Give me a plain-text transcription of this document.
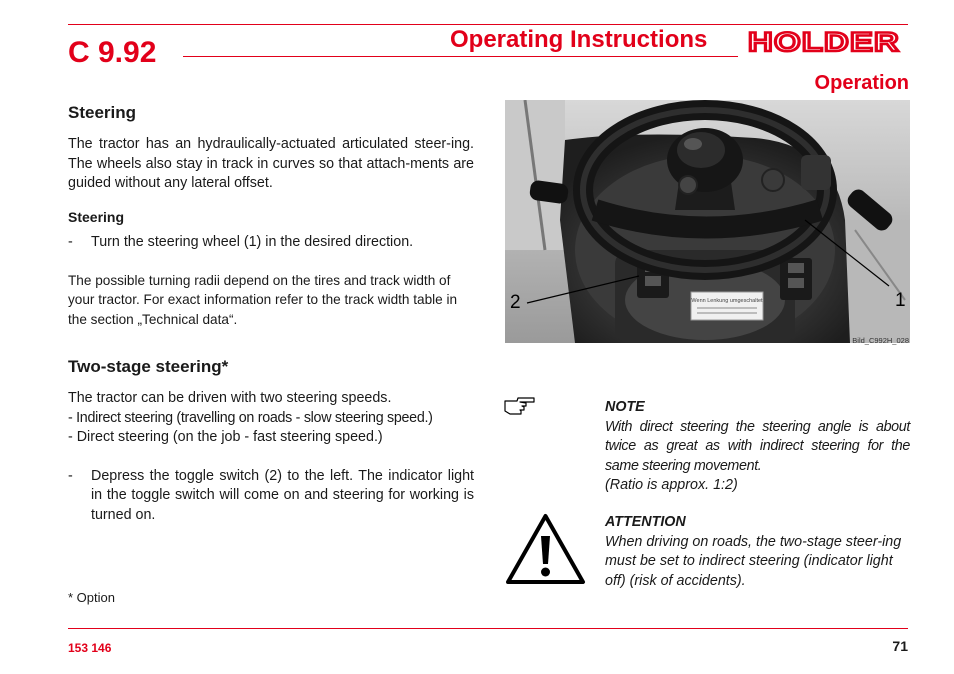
C 9.92	Operating Instructions HOLDER
Operation
Steering
The tractor has an hydraulically-actuated articulated steer-ing. The wheels also stay in track in curves so that attach-ments are guided without any lateral offset.
Steering
- Turn the steering wheel (1) in the desired direction.
The possible turning radii depend on the tires and track width of your tractor. For exact information refer to the track width table in the section „Technical data“.
Two-stage steering*
The tractor can be driven with two steering speeds.
- Indirect steering (travelling on roads - slow steering speed.)
- Direct steering (on the job - fast steering speed.)
- Depress the toggle switch (2) to the left. The indicator light in the toggle switch will come on and steering for working is turned on.
* Option
Wenn Lenkung umgeschaltet
2	1
Bild_C992H_028
NOTE
With direct steering the steering angle is about twice as great as with indirect steering for the same steering movement.
(Ratio is approx. 1:2)
ATTENTION
When driving on roads, the two-stage steer-ing must be set to indirect steering (indicator light off) (risk of accidents).
153 146	71
